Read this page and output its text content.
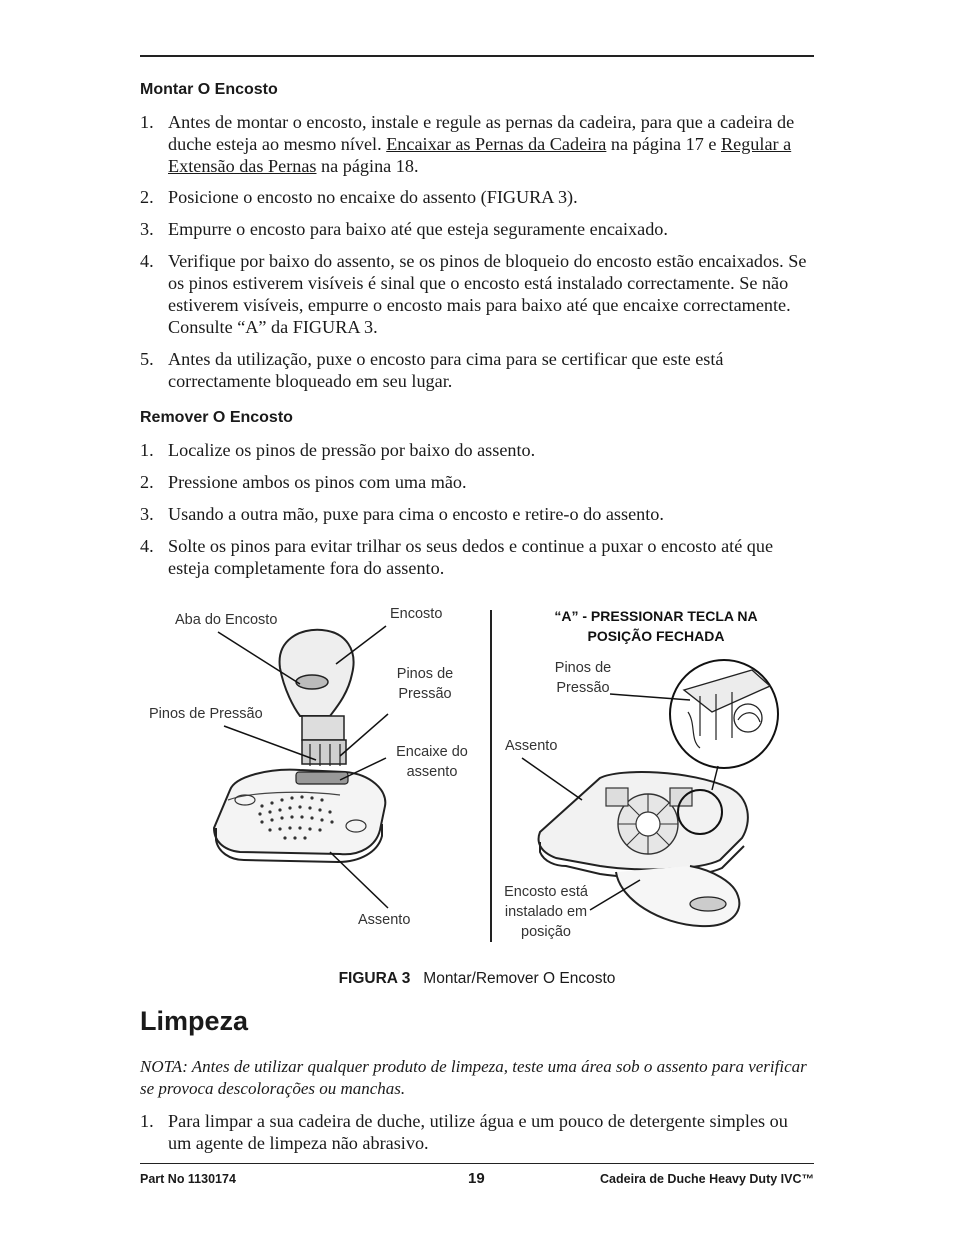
Montar O Encosto
1. Antes de montar o encosto, instale e regule as pernas da cadeira, para que a cadeira de duche esteja ao mesmo nível. Encaixar as Pernas da Cadeira na página 17 e Regular a Extensão das Pernas na página 18.
2. Posicione o encosto no encaixe do assento (FIGURA 3).
3. Empurre o encosto para baixo até que esteja seguramente encaixado.
4. Verifique por baixo do assento, se os pinos de bloqueio do encosto estão encaixados. Se os pinos estiverem visíveis é sinal que o encosto está instalado correctamente. Se não estiverem visíveis, empurre o encosto mais para baixo até que encaixe correctamente. Consulte “A” da FIGURA 3.
5. Antes da utilização, puxe o encosto para cima para se certificar que este está correctamente bloqueado em seu lugar.
Remover O Encosto
1. Localize os pinos de pressão por baixo do assento.
2. Pressione ambos os pinos com uma mão.
3. Usando a outra mão, puxe para cima o encosto e retire-o do assento.
4. Solte os pinos para evitar trilhar os seus dedos e continue a puxar o encosto até que esteja completamente fora do assento.
Aba do Encosto	Encosto
Pinos de Pressão
Pinos de
Pressão
Encaixe do
assento
Assento
“A” - PRESSIONAR TECLA NA
POSIÇÃO FECHADA
Pinos de
Pressão
Assento
Encosto está
instalado em
posição
FIGURA 3 Montar/Remover O Encosto
Limpeza
NOTA: Antes de utilizar qualquer produto de limpeza, teste uma área sob o assento para verificar se provoca descolorações ou manchas.
1. Para limpar a sua cadeira de duche, utilize água e um pouco de detergente simples ou um agente de limpeza não abrasivo.
Part No 1130174	19	Cadeira de Duche Heavy Duty IVC™
